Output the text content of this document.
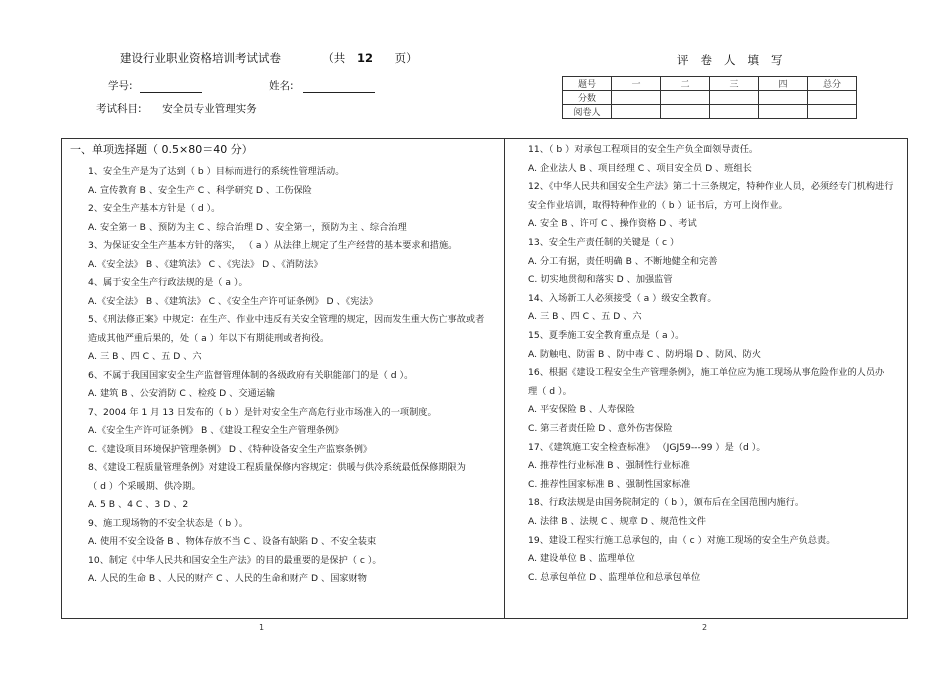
建设行业职业资格培训考试试卷	（共 12 页）	评卷人填写
学号:	姓名:
考试科目: 安全员专业管理实务
题号	一	二	三	四	总分
分数					
阅卷人					
一、单项选择题（ 0.5×80＝40 分）
1、安全生产是为了达到（ b ）目标而进行的系统性管理活动。
A. 宣传教育 B 、安全生产 C 、科学研究 D 、工伤保险
2、安全生产基本方针是（ d ）。
A. 安全第一 B 、预防为主 C 、综合治理 D 、安全第一，预防为主 、综合治理
3、为保证安全生产基本方针的落实， （ a ）从法律上规定了生产经营的基本要求和措施。
A.《安全法》 B 、《建筑法》 C 、《宪法》 D 、《消防法》
4、属于安全生产行政法规的是（ a ）。
A.《安全法》 B 、《建筑法》 C 、《安全生产许可证条例》 D 、《宪法》
5、《刑法修正案》中规定：在生产、作业中违反有关安全管理的规定，因而发生重大伤亡事故或者
造成其他严重后果的，处（ a ）年以下有期徒刑或者拘役。
A. 三 B 、四 C 、五 D 、六
6、不属于我国国家安全生产监督管理体制的各级政府有关职能部门的是（ d ）。
A. 建筑 B 、公安消防 C 、检疫 D 、交通运输
7、2004 年 1 月 13 日发布的（ b ）是针对安全生产高危行业市场准入的一项制度。
A.《安全生产许可证条例》 B 、《建设工程安全生产管理条例》
C.《建设项目环境保护管理条例》 D 、《特种设备安全生产监察条例》
8、《建设工程质量管理条例》对建设工程质量保修内容规定：供暖与供冷系统最低保修期限为
（ d ）个采暖期、供冷期。
A. 5 B 、4 C 、3 D 、2
9、施工现场物的不安全状态是（ b ）。
A. 使用不安全设备 B 、物体存放不当 C 、设备有缺陷 D 、不安全装束
10、制定《中华人民共和国安全生产法》的目的最重要的是保护（ c ）。
A. 人民的生命 B 、人民的财产 C 、人民的生命和财产 D 、国家财物
11、（ b ）对承包工程项目的安全生产负全面领导责任。
A. 企业法人 B 、项目经理 C 、项目安全员 D 、班组长
12、《中华人民共和国安全生产法》第二十三条规定，特种作业人员，必须经专门机构进行
安全作业培训，取得特种作业的（ b ）证书后，方可上岗作业。
A. 安全 B 、许可 C 、操作资格 D 、考试
13、安全生产责任制的关键是（ c ）
A. 分工有据，责任明确 B 、不断地健全和完善
C. 切实地贯彻和落实 D 、加强监管
14、入场新工人必须接受（ a ）级安全教育。
A. 三 B 、四 C 、五 D 、六
15、夏季施工安全教育重点是（ a ）。
A. 防触电、防雷 B 、防中毒 C 、防坍塌 D 、防风、防火
16、根据《建设工程安全生产管理条例》，施工单位应为施工现场从事危险作业的人员办
理（ d ）。
A. 平安保险 B 、人寿保险
C. 第三者责任险 D 、意外伤害保险
17、《建筑施工安全检查标准》 （JGJ59---99 ）是（d ）。
A. 推荐性行业标准 B 、强制性行业标准
C. 推荐性国家标准 B 、强制性国家标准
18、行政法规是由国务院制定的（ b ），颁布后在全国范围内施行。
A. 法律 B 、法规 C 、规章 D 、规范性文件
19、建设工程实行施工总承包的，由（ c ）对施工现场的安全生产负总责。
A. 建设单位 B 、监理单位
C. 总承包单位 D 、监理单位和总承包单位
1	2
